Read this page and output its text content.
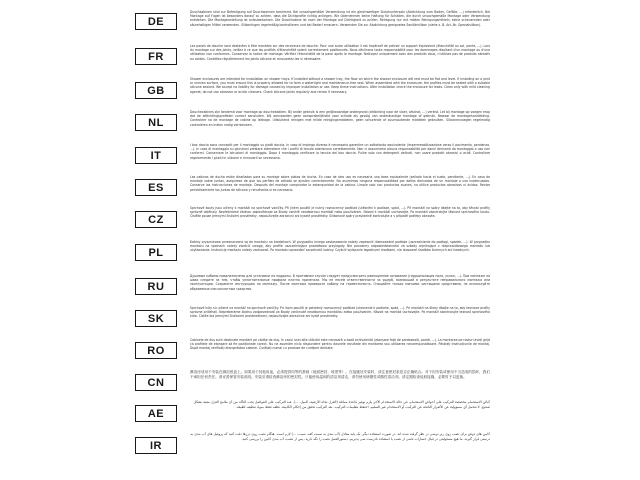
DE
Duschkabinen sind zur Befestigung auf Duschwannen bestimmt. Bei unsachgemäßer Verwendung ist ein gleichwertiger Duschuntersatz (Abdichtung zum Boden, Gefälle, ...) erforderlich. Bei Montage auf Fugen ist besonders darauf zu achten, dass die Dichtprofile richtig anliegen. Wir übernehmen keine Haftung für Schäden, die durch unsachgemäße Montage oder Verwendung entstehen. Die Montageanleitung ist aufzubewahren. Die Duschkabine ist nach der Montage auf Dichtigkeit zu prüfen. Reinigung nur mit milden Reinigungsmitteln, keine scheuernden oder säurehaltigen Mittel verwenden. Silikonfugen regelmäßig kontrollieren und bei Bedarf erneuern. Verwenden Sie zur Abdichtung geeignetes Sanitärsilikon (siehe z. B. Art.-Nr. Spezialsilikon).
FR
Les parois de douche sont destinées à être montées sur des receveurs de douche. Pour une autre utilisation il est impératif de prévoir un support équivalent (étanchéité au sol, pente, ...). Lors du montage sur des joints, veillez à ce que les profilés d'étanchéité soient correctement positionnés. Nous déclinons toute responsabilité pour les dommages résultant d'un montage ou d'une utilisation non conformes. Conservez la notice de montage. Vérifiez l'étanchéité de la paroi après le montage. Nettoyez uniquement avec des produits doux, n'utilisez pas de produits abrasifs ou acides. Contrôlez régulièrement les joints silicone et renouvelez-les si nécessaire.
GB
Shower enclosures are intended for installation on shower trays. If installed without a shower tray, the floor on which the shower enclosure will rest must be flat and level. If installing on a joint or uneven surface, you must ensure this is properly allowed for to form a watertight and maintenance-free seal. When assembled with the enclosure, the profiles must be sealed with a suitable silicone sealant. We accept no liability for damage caused by improper installation or use. Keep these instructions. After installation check the enclosure for leaks. Clean only with mild cleaning agents; do not use abrasive or acidic cleaners. Check silicone joints regularly and renew if necessary.
NL
Douchecabines zijn bestemd voor montage op douchebakken. Bij ander gebruik is een gelijkwaardige ondergrond (afdichting naar de vloer, afschot, ...) vereist. Let bij montage op voegen erop dat de afdichtingsprofielen correct aansluiten. Wij aanvaarden geen aansprakelijkheid voor schade als gevolg van ondeskundige montage of gebruik. Bewaar de montagehandleiding. Controleer na de montage de cabine op lekkage. Uitsluitend reinigen met milde reinigingsmiddelen, geen schurende of zuurhoudende middelen gebruiken. Siliconenvoegen regelmatig controleren en indien nodig vernieuwen.
IT
I box doccia sono concepiti per il montaggio su piatti doccia. In caso di impiego diverso è necessario garantire un sottofondo equivalente (impermeabilizzazione verso il pavimento, pendenza, ...). In caso di montaggio su giunzioni prestare attenzione che i profili di tenuta aderiscano correttamente. Non ci assumiamo alcuna responsabilità per danni derivanti da montaggio o uso non conformi. Conservare le istruzioni di montaggio. Dopo il montaggio verificare la tenuta del box doccia. Pulire solo con detergenti delicati, non usare prodotti abrasivi o acidi. Controllare regolarmente i giunti in silicone e rinnovarli se necessario.
ES
Las cabinas de ducha están diseñadas para su montaje sobre platos de ducha. En caso de otro uso es necesaria una base equivalente (sellado hacia el suelo, pendiente, ...). En caso de montaje sobre juntas, asegúrese de que los perfiles de sellado se ajusten correctamente. No asumimos ninguna responsabilidad por daños derivados de un montaje o uso inadecuados. Conserve las instrucciones de montaje. Después del montaje compruebe la estanqueidad de la cabina. Limpie solo con productos suaves, no utilice productos abrasivos ni ácidos. Revise periódicamente las juntas de silicona y renuévelas si es necesario.
CZ
Sprchové kouty jsou určeny k montáži na sprchové vaničky. Při jiném použití je nutný rovnocenný podklad (utěsnění k podlaze, spád, ...). Při montáži na spáry dbejte na to, aby těsnicí profily správně doléhaly. Nepřebíráme žádnou odpovědnost za škody vzniklé neodbornou montáží nebo používáním. Návod k montáži uschovejte. Po montáži zkontrolujte těsnost sprchového koutu. Čistěte pouze jemnými čisticími prostředky, nepoužívejte abrazivní ani kyselé prostředky. Silikonové spáry pravidelně kontrolujte a v případě potřeby obnovte.
PL
Kabiny prysznicowe przeznaczone są do montażu na brodzikach. W przypadku innego zastosowania należy zapewnić równoważne podłoże (uszczelnienie do podłogi, spadek, ...). W przypadku montażu na spoinach należy zwrócić uwagę, aby profile uszczelniające prawidłowo przylegały. Nie ponosimy odpowiedzialności za szkody wynikające z nieprawidłowego montażu lub użytkowania. Instrukcję montażu należy zachować. Po montażu sprawdzić szczelność kabiny. Czyścić wyłącznie łagodnymi środkami, nie stosować środków ściernych ani kwaśnych.
RU
Душевые кабины предназначены для установки на поддоны. В противном случае следует предусмотреть равноценное основание (гидроизоляция пола, уклон, ...). При монтаже на швах следите за тем, чтобы уплотнительные профили плотно прилегали. Мы не несём ответственности за ущерб, возникший в результате неправильного монтажа или эксплуатации. Сохраните инструкцию по монтажу. После монтажа проверьте кабину на герметичность. Очищайте только мягкими чистящими средствами, не используйте абразивные или кислотные средства.
SK
Sprchové kúty sú určené na montáž na sprchové vaničky. Pri inom použití je potrebný rovnocenný podklad (utesnenie k podlahe, spád, ...). Pri montáži na škáry dbajte na to, aby tesniace profily správne priliehali. Nepreberáme žiadnu zodpovednosť za škody vzniknuté neodbornou montážou alebo používaním. Návod na montáž uschovajte. Po montáži skontrolujte tesnosť sprchového kúta. Čistite iba jemnými čistiacimi prostriedkami, nepoužívajte abrazívne ani kyslé prostriedky.
RO
Cabinele de duș sunt destinate montării pe cădițe de duș. În cazul unei alte utilizări este necesară o bază echivalentă (etanșare față de pardoseală, pantă, ...). La montarea pe rosturi aveți grijă ca profilele de etanșare să fie poziționate corect. Nu ne asumăm nicio răspundere pentru daunele rezultate din montarea sau utilizarea necorespunzătoare. Păstrați instrucțiunile de montaj. După montaj verificați etanșeitatea cabinei. Curățați numai cu produse de curățare delicate.
CN
淋浴房适用于安装在淋浴底盘上。如果用于其他用途，必须提供同等的基础（地面密封、坡度等）。在接缝处安装时，请注意密封条是否正确贴合。对于因安装或使用不当造成的损坏，我们不承担任何责任。请妥善保管安装说明。安装后请检查淋浴房的密封性。只能使用温和的清洁剂清洁，请勿使用研磨性或酸性清洁剂。请定期检查硅胶接缝，必要时予以更换。
AE
كبائن الاستحمام مخصصة للتركيب على أحواض الاستحمام. في حالة الاستخدام الآخر يلزم توفير قاعدة مماثلة (العزل تجاه الأرضية، الميل، ...). عند التركيب على الفواصل يجب التأكد من أن ملامح العزل مثبتة بشكل صحيح. لا نتحمل أي مسؤولية عن الأضرار الناتجة عن التركيب أو الاستخدام غير السليم. احتفظ بتعليمات التركيب. بعد التركيب تحقق من إحكام الكابينة. نظف فقط بمواد تنظيف لطيفة.
IR
کابین های دوش برای نصب روی زیر دوشی در نظر گرفته شده اند. در صورت استفاده دیگر، یک پایه معادل (آب بندی به سمت کف، شیب، ...) لازم است. هنگام نصب روی درزها دقت کنید که پروفیل های آب بندی به درستی قرار گیرند. ما هیچ مسئولیتی در قبال خسارات ناشی از نصب یا استفاده نادرست نمی پذیریم. دستورالعمل نصب را نگه دارید. پس از نصب، آب بندی کابین را بررسی کنید.
